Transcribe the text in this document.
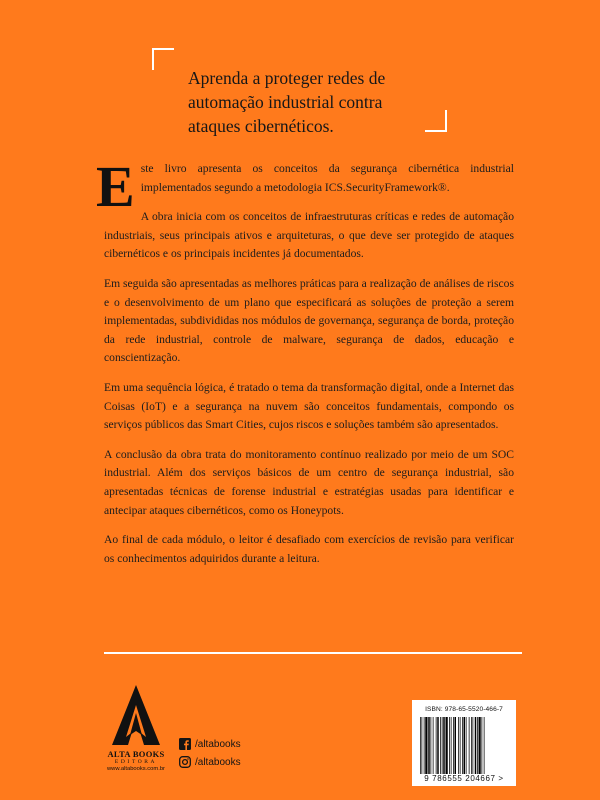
Aprenda a proteger redes de automação industrial contra ataques cibernéticos.

Este livro apresenta os conceitos da segurança cibernética industrial implementados segundo a metodologia ICS.SecurityFramework®.

A obra inicia com os conceitos de infraestruturas críticas e redes de automação industriais, seus principais ativos e arquiteturas, o que deve ser protegido de ataques cibernéticos e os principais incidentes já documentados.

Em seguida são apresentadas as melhores práticas para a realização de análises de riscos e o desenvolvimento de um plano que especificará as soluções de proteção a serem implementadas, subdivididas nos módulos de governança, segurança de borda, proteção da rede industrial, controle de malware, segurança de dados, educação e conscientização.

Em uma sequência lógica, é tratado o tema da transformação digital, onde a Internet das Coisas (IoT) e a segurança na nuvem são conceitos fundamentais, compondo os serviços públicos das Smart Cities, cujos riscos e soluções também são apresentados.

A conclusão da obra trata do monitoramento contínuo realizado por meio de um SOC industrial. Além dos serviços básicos de um centro de segurança industrial, são apresentadas técnicas de forense industrial e estratégias usadas para identificar e antecipar ataques cibernéticos, como os Honeypots.

Ao final de cada módulo, o leitor é desafiado com exercícios de revisão para verificar os conhecimentos adquiridos durante a leitura.

ALTA BOOKS
EDITORA
www.altabooks.com.br
/altabooks
/altabooks
ISBN: 978-65-5520-466-7
9 786555 204667 >
